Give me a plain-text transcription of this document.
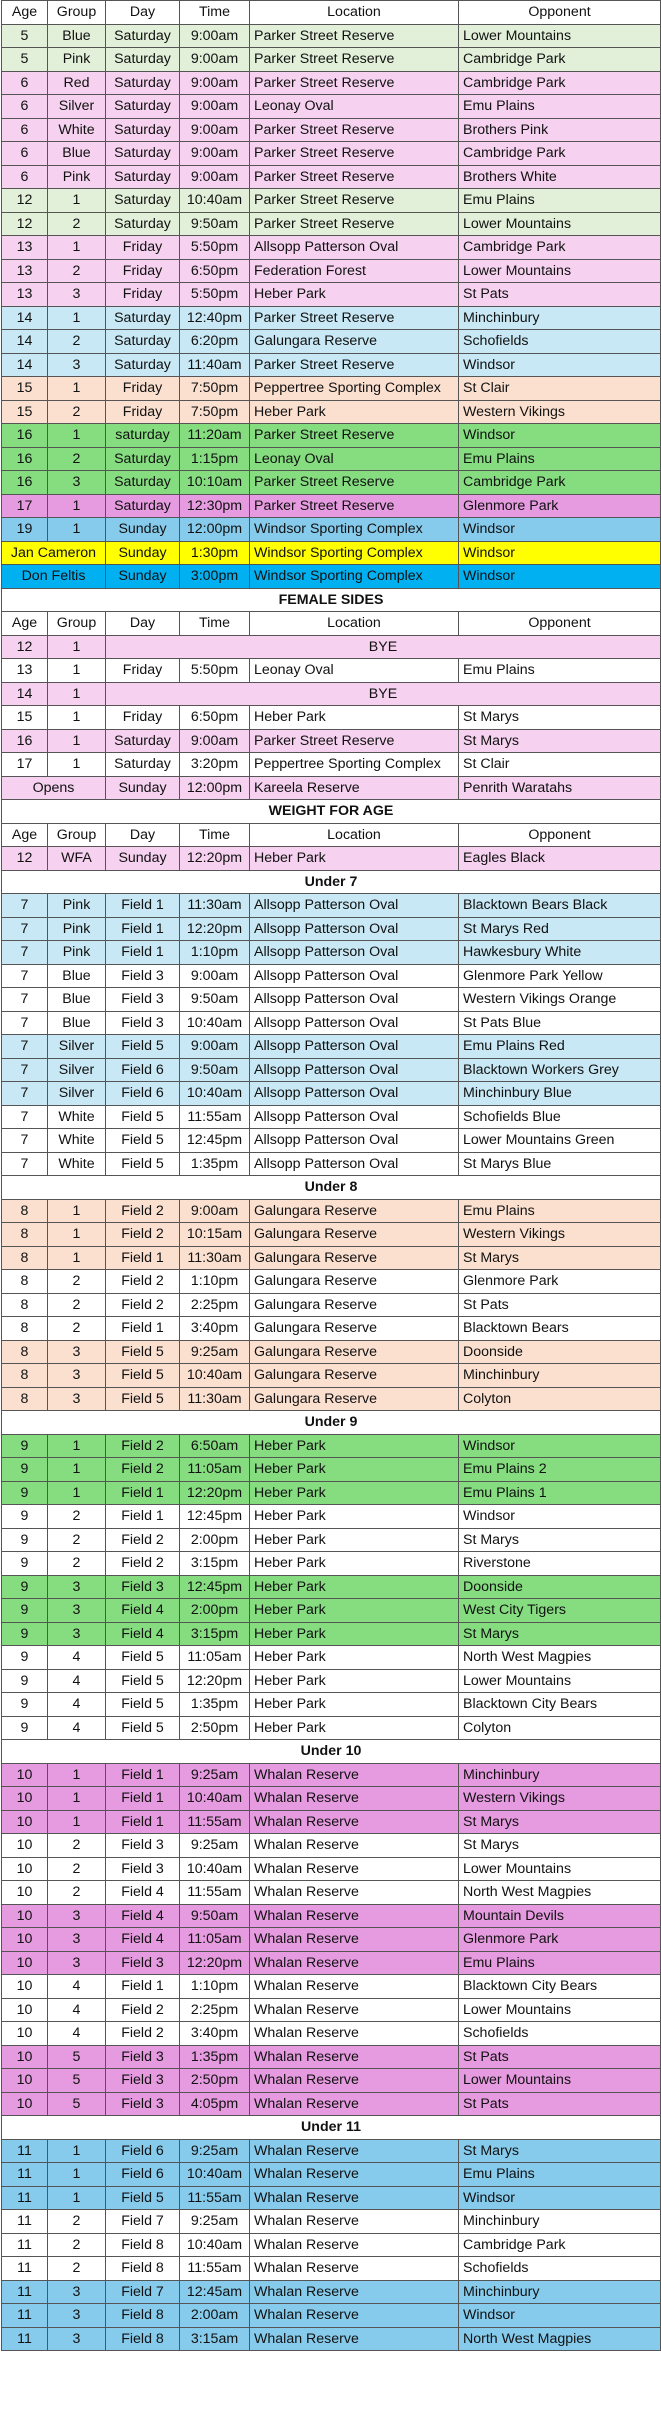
Age	Group	Day	Time	Location	Opponent
5	Blue	Saturday	9:00am	Parker Street Reserve	Lower Mountains
5	Pink	Saturday	9:00am	Parker Street Reserve	Cambridge Park
6	Red	Saturday	9:00am	Parker Street Reserve	Cambridge Park
6	Silver	Saturday	9:00am	Leonay Oval	Emu Plains
6	White	Saturday	9:00am	Parker Street Reserve	Brothers Pink
6	Blue	Saturday	9:00am	Parker Street Reserve	Cambridge Park
6	Pink	Saturday	9:00am	Parker Street Reserve	Brothers White
12	1	Saturday	10:40am	Parker Street Reserve	Emu Plains
12	2	Saturday	9:50am	Parker Street Reserve	Lower Mountains
13	1	Friday	5:50pm	Allsopp Patterson Oval	Cambridge Park
13	2	Friday	6:50pm	Federation Forest	Lower Mountains
13	3	Friday	5:50pm	Heber Park	St Pats
14	1	Saturday	12:40pm	Parker Street Reserve	Minchinbury
14	2	Saturday	6:20pm	Galungara Reserve	Schofields
14	3	Saturday	11:40am	Parker Street Reserve	Windsor
15	1	Friday	7:50pm	Peppertree Sporting Complex	St Clair
15	2	Friday	7:50pm	Heber Park	Western Vikings
16	1	saturday	11:20am	Parker Street Reserve	Windsor
16	2	Saturday	1:15pm	Leonay Oval	Emu Plains
16	3	Saturday	10:10am	Parker Street Reserve	Cambridge Park
17	1	Saturday	12:30pm	Parker Street Reserve	Glenmore Park
19	1	Sunday	12:00pm	Windsor Sporting Complex	Windsor
Jan Cameron		Sunday	1:30pm	Windsor Sporting Complex	Windsor
Don Feltis		Sunday	3:00pm	Windsor Sporting Complex	Windsor
FEMALE SIDES					
Age	Group	Day	Time	Location	Opponent
12	1	BYE			
13	1	Friday	5:50pm	Leonay Oval	Emu Plains
14	1	BYE			
15	1	Friday	6:50pm	Heber Park	St Marys
16	1	Saturday	9:00am	Parker Street Reserve	St Marys
17	1	Saturday	3:20pm	Peppertree Sporting Complex	St Clair
Opens		Sunday	12:00pm	Kareela Reserve	Penrith Waratahs
WEIGHT FOR AGE					
Age	Group	Day	Time	Location	Opponent
12	WFA	Sunday	12:20pm	Heber Park	Eagles Black
Under 7					
7	Pink	Field 1	11:30am	Allsopp Patterson Oval	Blacktown Bears Black
7	Pink	Field 1	12:20pm	Allsopp Patterson Oval	St Marys Red
7	Pink	Field 1	1:10pm	Allsopp Patterson Oval	Hawkesbury White
7	Blue	Field 3	9:00am	Allsopp Patterson Oval	Glenmore Park Yellow
7	Blue	Field 3	9:50am	Allsopp Patterson Oval	Western Vikings Orange
7	Blue	Field 3	10:40am	Allsopp Patterson Oval	St Pats Blue
7	Silver	Field 5	9:00am	Allsopp Patterson Oval	Emu Plains Red
7	Silver	Field 6	9:50am	Allsopp Patterson Oval	Blacktown Workers Grey
7	Silver	Field 6	10:40am	Allsopp Patterson Oval	Minchinbury Blue
7	White	Field 5	11:55am	Allsopp Patterson Oval	Schofields Blue
7	White	Field 5	12:45pm	Allsopp Patterson Oval	Lower Mountains Green
7	White	Field 5	1:35pm	Allsopp Patterson Oval	St Marys Blue
Under 8					
8	1	Field 2	9:00am	Galungara Reserve	Emu Plains
8	1	Field 2	10:15am	Galungara Reserve	Western Vikings
8	1	Field 1	11:30am	Galungara Reserve	St Marys
8	2	Field 2	1:10pm	Galungara Reserve	Glenmore Park
8	2	Field 2	2:25pm	Galungara Reserve	St Pats
8	2	Field 1	3:40pm	Galungara Reserve	Blacktown Bears
8	3	Field 5	9:25am	Galungara Reserve	Doonside
8	3	Field 5	10:40am	Galungara Reserve	Minchinbury
8	3	Field 5	11:30am	Galungara Reserve	Colyton
Under 9					
9	1	Field 2	6:50am	Heber Park	Windsor
9	1	Field 2	11:05am	Heber Park	Emu Plains 2
9	1	Field 1	12:20pm	Heber Park	Emu Plains 1
9	2	Field 1	12:45pm	Heber Park	Windsor
9	2	Field 2	2:00pm	Heber Park	St Marys
9	2	Field 2	3:15pm	Heber Park	Riverstone
9	3	Field 3	12:45pm	Heber Park	Doonside
9	3	Field 4	2:00pm	Heber Park	West City Tigers
9	3	Field 4	3:15pm	Heber Park	St Marys
9	4	Field 5	11:05am	Heber Park	North West Magpies
9	4	Field 5	12:20pm	Heber Park	Lower Mountains
9	4	Field 5	1:35pm	Heber Park	Blacktown City Bears
9	4	Field 5	2:50pm	Heber Park	Colyton
Under 10					
10	1	Field 1	9:25am	Whalan Reserve	Minchinbury
10	1	Field 1	10:40am	Whalan Reserve	Western Vikings
10	1	Field 1	11:55am	Whalan Reserve	St Marys
10	2	Field 3	9:25am	Whalan Reserve	St Marys
10	2	Field 3	10:40am	Whalan Reserve	Lower Mountains
10	2	Field 4	11:55am	Whalan Reserve	North West Magpies
10	3	Field 4	9:50am	Whalan Reserve	Mountain Devils
10	3	Field 4	11:05am	Whalan Reserve	Glenmore Park
10	3	Field 3	12:20pm	Whalan Reserve	Emu Plains
10	4	Field 1	1:10pm	Whalan Reserve	Blacktown City Bears
10	4	Field 2	2:25pm	Whalan Reserve	Lower Mountains
10	4	Field 2	3:40pm	Whalan Reserve	Schofields
10	5	Field 3	1:35pm	Whalan Reserve	St Pats
10	5	Field 3	2:50pm	Whalan Reserve	Lower Mountains
10	5	Field 3	4:05pm	Whalan Reserve	St Pats
Under 11					
11	1	Field 6	9:25am	Whalan Reserve	St Marys
11	1	Field 6	10:40am	Whalan Reserve	Emu Plains
11	1	Field 5	11:55am	Whalan Reserve	Windsor
11	2	Field 7	9:25am	Whalan Reserve	Minchinbury
11	2	Field 8	10:40am	Whalan Reserve	Cambridge Park
11	2	Field 8	11:55am	Whalan Reserve	Schofields
11	3	Field 7	12:45am	Whalan Reserve	Minchinbury
11	3	Field 8	2:00am	Whalan Reserve	Windsor
11	3	Field 8	3:15am	Whalan Reserve	North West Magpies
